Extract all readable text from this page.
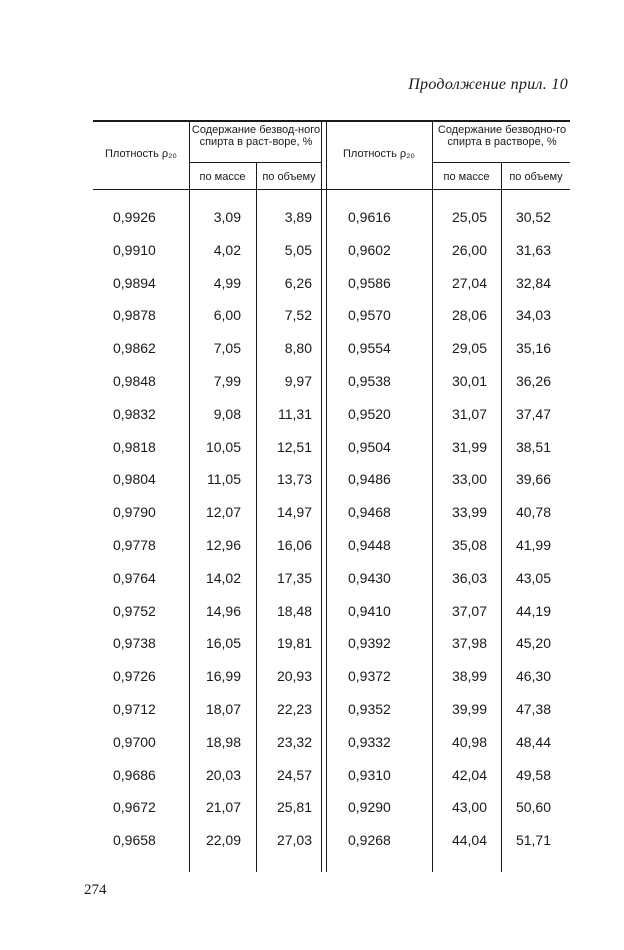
Продолжение прил. 10
Плотность ρ₂₀
Содержание безвод-ного спирта в раст-воре, %
по массе	по объему
Плотность ρ₂₀
Содержание безводно-го спирта в растворе, %
по массе	по объему
0,9926	3,09	3,89	0,9616	25,05	30,52
0,9910	4,02	5,05	0,9602	26,00	31,63
0,9894	4,99	6,26	0,9586	27,04	32,84
0,9878	6,00	7,52	0,9570	28,06	34,03
0,9862	7,05	8,80	0,9554	29,05	35,16
0,9848	7,99	9,97	0,9538	30,01	36,26
0,9832	9,08	11,31	0,9520	31,07	37,47
0,9818	10,05	12,51	0,9504	31,99	38,51
0,9804	11,05	13,73	0,9486	33,00	39,66
0,9790	12,07	14,97	0,9468	33,99	40,78
0,9778	12,96	16,06	0,9448	35,08	41,99
0,9764	14,02	17,35	0,9430	36,03	43,05
0,9752	14,96	18,48	0,9410	37,07	44,19
0,9738	16,05	19,81	0,9392	37,98	45,20
0,9726	16,99	20,93	0,9372	38,99	46,30
0,9712	18,07	22,23	0,9352	39,99	47,38
0,9700	18,98	23,32	0,9332	40,98	48,44
0,9686	20,03	24,57	0,9310	42,04	49,58
0,9672	21,07	25,81	0,9290	43,00	50,60
0,9658	22,09	27,03	0,9268	44,04	51,71
274
